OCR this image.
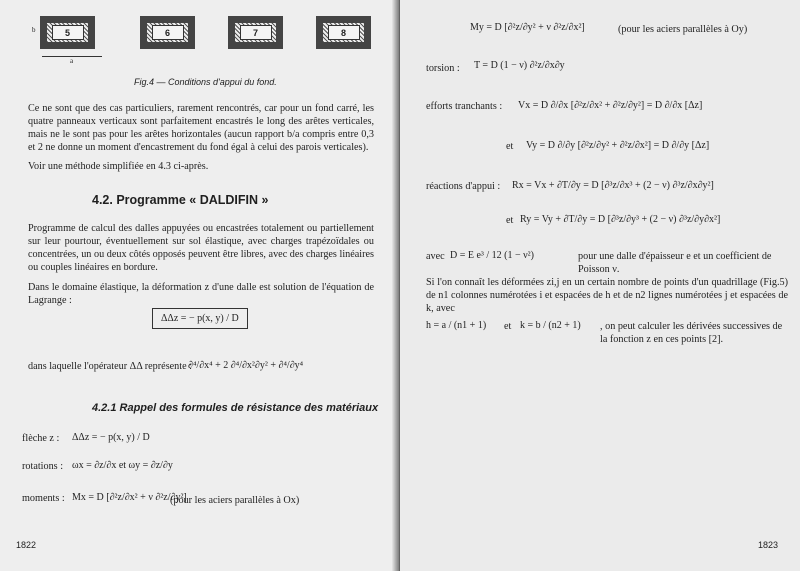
b	5	6	7	8
a
Fig.4 — Conditions d'appui du fond.
Ce ne sont que des cas particuliers, rarement rencontrés, car pour un fond carré, les quatre panneaux verticaux sont parfaitement encastrés le long des arêtes verticales, mais ne le sont pas pour les arêtes horizontales (aucun rapport b/a compris entre 0,3 et 2 ne donne un moment d'encastrement du fond égal à celui des parois verticales).
Voir une méthode simplifiée en 4.3 ci-après.
4.2. Programme « DALDIFIN »
Programme de calcul des dalles appuyées ou encastrées totalement ou partiellement sur leur pourtour, éventuellement sur sol élastique, avec charges trapézoïdales ou concentrées, un ou deux côtés opposés peuvent être libres, avec des charges linéaires ou couples linéaires en bordure.
Dans le domaine élastique, la déformation z d'une dalle est solution de l'équation de Lagrange :
ΔΔz = − p(x, y) / D
dans laquelle l'opérateur ΔΔ représente :
∂⁴/∂x⁴ + 2 ∂⁴/∂x²∂y² + ∂⁴/∂y⁴
4.2.1 Rappel des formules de résistance des matériaux
flèche z : ΔΔz = − p(x, y) / D
rotations : ωx = ∂z/∂x et ωy = ∂z/∂y
moments : Mx = D [∂²z/∂x² + ν ∂²z/∂y²]
(pour les aciers parallèles à Ox)
1822
My = D [∂²z/∂y² + ν ∂²z/∂x²]	(pour les aciers parallèles à Oy)
torsion : T = D (1 − ν) ∂²z/∂x∂y
efforts tranchants : Vx = D ∂/∂x [∂²z/∂x² + ∂²z/∂y²] = D ∂/∂x [Δz]
et Vy = D ∂/∂y [∂²z/∂y² + ∂²z/∂x²] = D ∂/∂y [Δz]
réactions d'appui : Rx = Vx + ∂T/∂y = D [∂³z/∂x³ + (2 − ν) ∂³z/∂x∂y²]
et Ry = Vy + ∂T/∂y = D [∂³z/∂y³ + (2 − ν) ∂³z/∂y∂x²]
avec D = E e³ / 12 (1 − ν²)	pour une dalle d'épaisseur e et un coefficient de Poisson ν.
Si l'on connaît les déformées zi,j en un certain nombre de points d'un quadrillage (Fig.5) de n1 colonnes numérotées i et espacées de h et de n2 lignes numérotées j et espacées de k, avec
h = a / (n1 + 1) et k = b / (n2 + 1) , on peut calculer les dérivées successives de la fonction z en ces points [2].
1823
